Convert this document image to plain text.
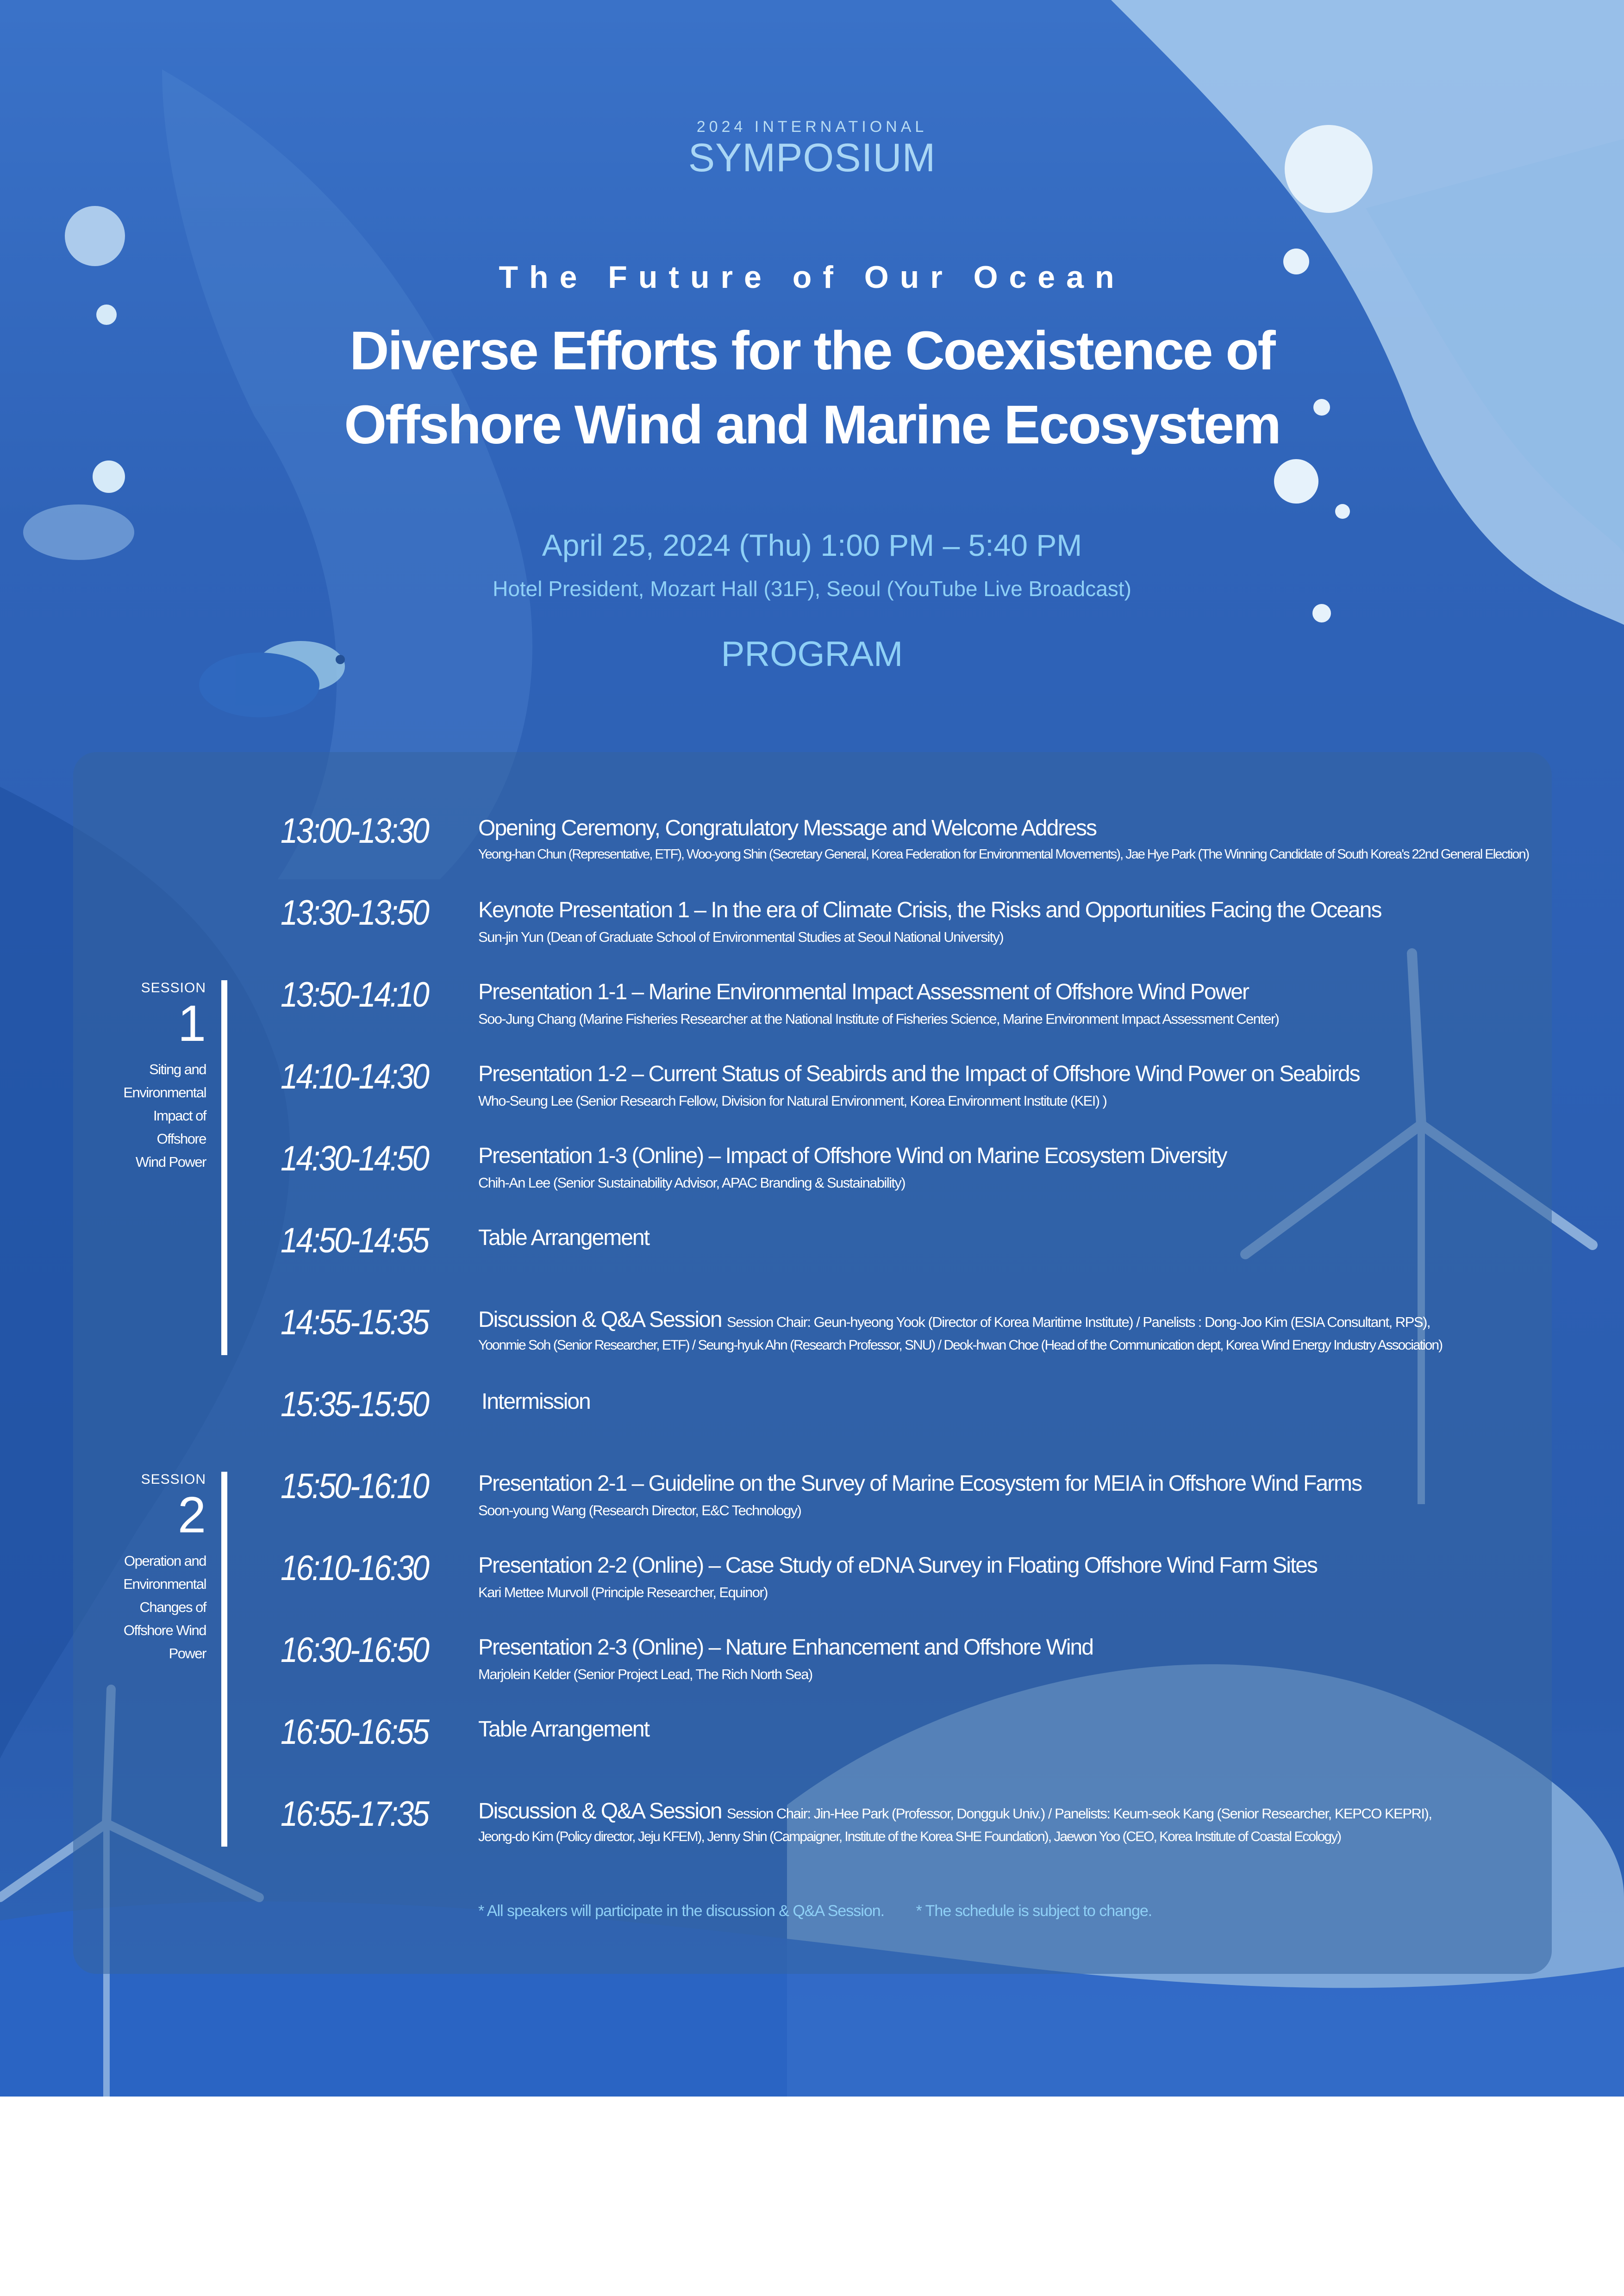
2024 INTERNATIONAL
SYMPOSIUM
The Future of Our Ocean
Diverse Efforts for the Coexistence of
Offshore Wind and Marine Ecosystem
April 25, 2024 (Thu) 1:00 PM – 5:40 PM
Hotel President, Mozart Hall (31F), Seoul (YouTube Live Broadcast)
PROGRAM
SESSION
1
Siting and
Environmental
Impact of
Offshore
Wind Power
SESSION
2
Operation and
Environmental
Changes of
Offshore Wind
Power
13:00-13:30 Opening Ceremony, Congratulatory Message and Welcome Address
Yeong-han Chun (Representative, ETF), Woo-yong Shin (Secretary General, Korea Federation for Environmental Movements), Jae Hye Park (The Winning Candidate of South Korea's 22nd General Election)
13:30-13:50 Keynote Presentation 1 – In the era of Climate Crisis, the Risks and Opportunities Facing the Oceans
Sun-jin Yun (Dean of Graduate School of Environmental Studies at Seoul National University)
13:50-14:10 Presentation 1-1 – Marine Environmental Impact Assessment of Offshore Wind Power
Soo-Jung Chang (Marine Fisheries Researcher at the National Institute of Fisheries Science, Marine Environment Impact Assessment Center)
14:10-14:30 Presentation 1-2 – Current Status of Seabirds and the Impact of Offshore Wind Power on Seabirds
Who-Seung Lee (Senior Research Fellow, Division for Natural Environment, Korea Environment Institute (KEI) )
14:30-14:50 Presentation 1-3 (Online) – Impact of Offshore Wind on Marine Ecosystem Diversity
Chih-An Lee (Senior Sustainability Advisor, APAC Branding & Sustainability)
14:50-14:55 Table Arrangement
14:55-15:35 Discussion & Q&A Session Session Chair: Geun-hyeong Yook (Director of Korea Maritime Institute) / Panelists : Dong-Joo Kim (ESIA Consultant, RPS),
Yoonmie Soh (Senior Researcher, ETF) / Seung-hyuk Ahn (Research Professor, SNU) / Deok-hwan Choe (Head of the Communication dept, Korea Wind Energy Industry Association)
15:35-15:50 Intermission
15:50-16:10 Presentation 2-1 – Guideline on the Survey of Marine Ecosystem for MEIA in Offshore Wind Farms
Soon-young Wang (Research Director, E&C Technology)
16:10-16:30 Presentation 2-2 (Online) – Case Study of eDNA Survey in Floating Offshore Wind Farm Sites
Kari Mettee Murvoll (Principle Researcher, Equinor)
16:30-16:50 Presentation 2-3 (Online) – Nature Enhancement and Offshore Wind
Marjolein Kelder (Senior Project Lead, The Rich North Sea)
16:50-16:55 Table Arrangement
16:55-17:35 Discussion & Q&A Session Session Chair: Jin-Hee Park (Professor, Dongguk Univ.) / Panelists: Keum-seok Kang (Senior Researcher, KEPCO KEPRI),
Jeong-do Kim (Policy director, Jeju KFEM), Jenny Shin (Campaigner, Institute of the Korea SHE Foundation), Jaewon Yoo (CEO, Korea Institute of Coastal Ecology)
* All speakers will participate in the discussion & Q&A Session. * The schedule is subject to change.
